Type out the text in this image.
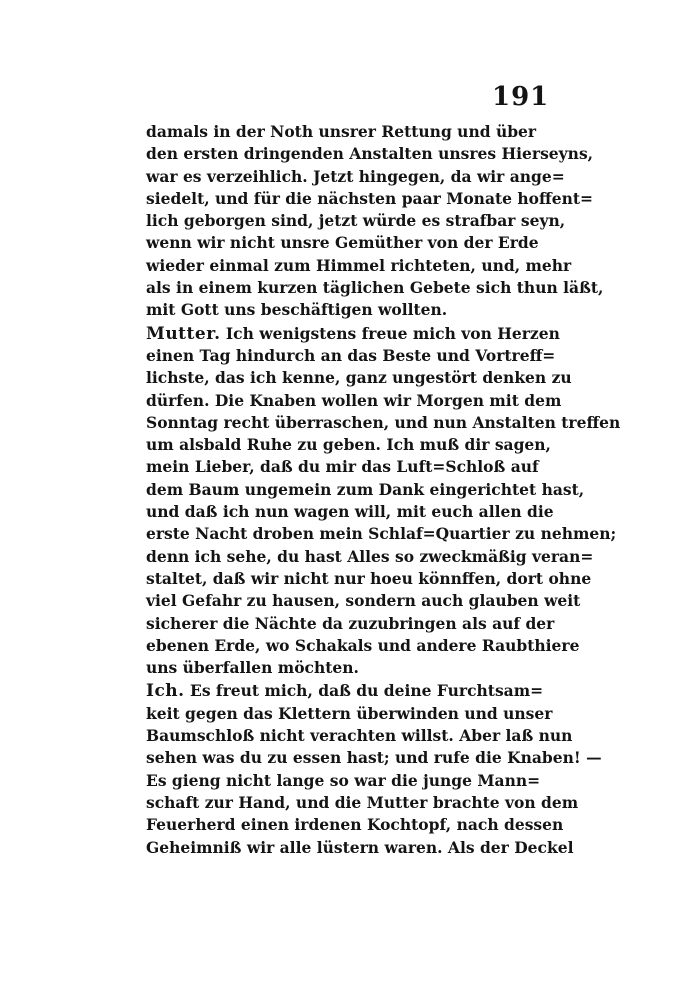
191
damals in der Noth unsrer Rettung und über
den ersten dringenden Anstalten unsres Hierseyns,
war es verzeihlich. Jetzt hingegen, da wir ange=
siedelt, und für die nächsten paar Monate hoffent=
lich geborgen sind, jetzt würde es strafbar seyn,
wenn wir nicht unsre Gemüther von der Erde
wieder einmal zum Himmel richteten, und, mehr
als in einem kurzen täglichen Gebete sich thun läßt,
mit Gott uns beschäftigen wollten.
Mutter. Ich wenigstens freue mich von Herzen
einen Tag hindurch an das Beste und Vortreff=
lichste, das ich kenne, ganz ungestört denken zu
dürfen. Die Knaben wollen wir Morgen mit dem
Sonntag recht überraschen, und nun Anstalten treffen
um alsbald Ruhe zu geben. Ich muß dir sagen,
mein Lieber, daß du mir das Luft=Schloß auf
dem Baum ungemein zum Dank eingerichtet hast,
und daß ich nun wagen will, mit euch allen die
erste Nacht droben mein Schlaf=Quartier zu nehmen;
denn ich sehe, du hast Alles so zweckmäßig veran=
staltet, daß wir nicht nur hoeu könnffen, dort ohne
viel Gefahr zu hausen, sondern auch glauben weit
sicherer die Nächte da zuzubringen als auf der
ebenen Erde, wo Schakals und andere Raubthiere
uns überfallen möchten.
Ich. Es freut mich, daß du deine Furchtsam=
keit gegen das Klettern überwinden und unser
Baumschloß nicht verachten willst. Aber laß nun
sehen was du zu essen hast; und rufe die Knaben! —
Es gieng nicht lange so war die junge Mann=
schaft zur Hand, und die Mutter brachte von dem
Feuerherd einen irdenen Kochtopf, nach dessen
Geheimniß wir alle lüstern waren. Als der Deckel
